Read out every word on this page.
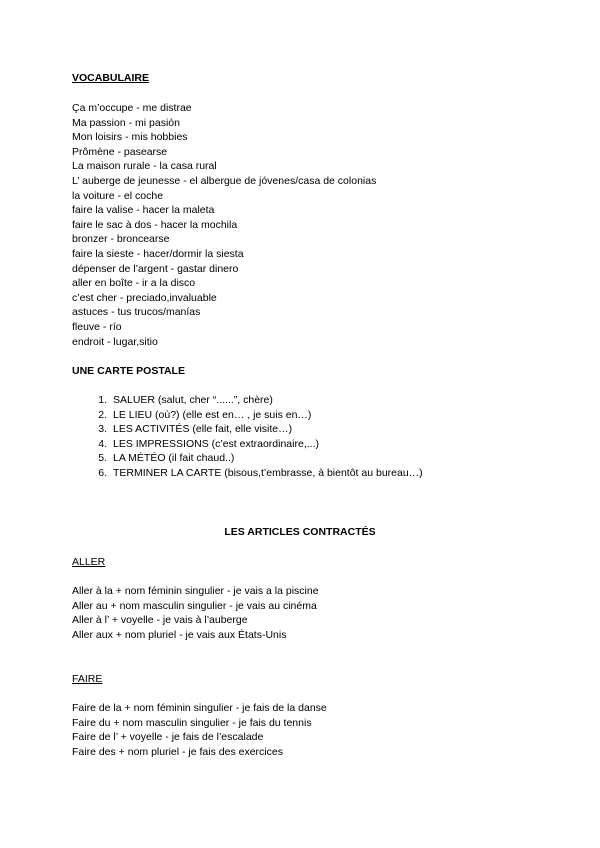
VOCABULAIRE
Ça m’occupe - me distrae
Ma passion - mi pasión
Mon loisirs - mis hobbies
Prômène - pasearse
La maison rurale - la casa rural
L’ auberge de jeunesse - el albergue de jóvenes/casa de colonias
la voiture - el coche
faire la valise - hacer la maleta
faire le sac à dos - hacer la mochila
bronzer - broncearse
faire la sieste - hacer/dormir la siesta
dépenser de l’argent - gastar dinero
aller en boîte - ir a la disco
c’est cher - preciado,invaluable
astuces - tus trucos/manías
fleuve - río
endroit - lugar,sitio
UNE CARTE POSTALE
1. SALUER (salut, cher “......”, chère)
2. LE LIEU (où?) (elle est en… , je suis en…)
3. LES ACTIVITÉS (elle fait, elle visite…)
4. LES IMPRESSIONS (c’est extraordinaire,...)
5. LA MÉTÉO (il fait chaud..)
6. TERMINER LA CARTE (bisous,t’embrasse, à bientôt au bureau…)
LES ARTICLES CONTRACTÉS
ALLER
Aller à la + nom féminin singulier - je vais a la piscine
Aller au + nom masculin singulier - je vais au cinéma
Aller à l’ + voyelle - je vais à l’auberge
Aller aux + nom pluriel - je vais aux États-Unis
FAIRE
Faire de la + nom féminin singulier - je fais de la danse
Faire du + nom masculin singulier - je fais du tennis
Faire de l’ + voyelle - je fais de l’escalade
Faire des + nom pluriel - je fais des exercices
